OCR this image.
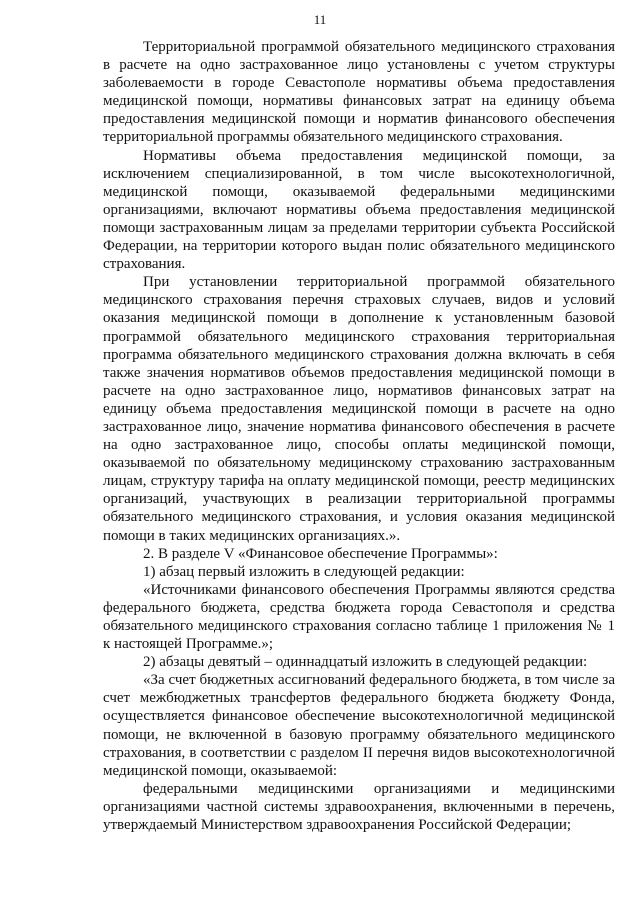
11

Территориальной программой обязательного медицинского страхования в расчете на одно застрахованное лицо установлены с учетом структуры заболеваемости в городе Севастополе нормативы объема предоставления медицинской помощи, нормативы финансовых затрат на единицу объема предоставления медицинской помощи и норматив финансового обеспечения территориальной программы обязательного медицинского страхования.

Нормативы объема предоставления медицинской помощи, за исключением специализированной, в том числе высокотехнологичной, медицинской помощи, оказываемой федеральными медицинскими организациями, включают нормативы объема предоставления медицинской помощи застрахованным лицам за пределами территории субъекта Российской Федерации, на территории которого выдан полис обязательного медицинского страхования.

При установлении территориальной программой обязательного медицинского страхования перечня страховых случаев, видов и условий оказания медицинской помощи в дополнение к установленным базовой программой обязательного медицинского страхования территориальная программа обязательного медицинского страхования должна включать в себя также значения нормативов объемов предоставления медицинской помощи в расчете на одно застрахованное лицо, нормативов финансовых затрат на единицу объема предоставления медицинской помощи в расчете на одно застрахованное лицо, значение норматива финансового обеспечения в расчете на одно застрахованное лицо, способы оплаты медицинской помощи, оказываемой по обязательному медицинскому страхованию застрахованным лицам, структуру тарифа на оплату медицинской помощи, реестр медицинских организаций, участвующих в реализации территориальной программы обязательного медицинского страхования, и условия оказания медицинской помощи в таких медицинских организациях.».

2. В разделе V «Финансовое обеспечение Программы»:

1) абзац первый изложить в следующей редакции:

«Источниками финансового обеспечения Программы являются средства федерального бюджета, средства бюджета города Севастополя и средства обязательного медицинского страхования согласно таблице 1 приложения № 1 к настоящей Программе.»;

2) абзацы девятый – одиннадцатый изложить в следующей редакции:

«За счет бюджетных ассигнований федерального бюджета, в том числе за счет межбюджетных трансфертов федерального бюджета бюджету Фонда, осуществляется финансовое обеспечение высокотехнологичной медицинской помощи, не включенной в базовую программу обязательного медицинского страхования, в соответствии с разделом II перечня видов высокотехнологичной медицинской помощи, оказываемой:

федеральными медицинскими организациями и медицинскими организациями частной системы здравоохранения, включенными в перечень, утверждаемый Министерством здравоохранения Российской Федерации;
